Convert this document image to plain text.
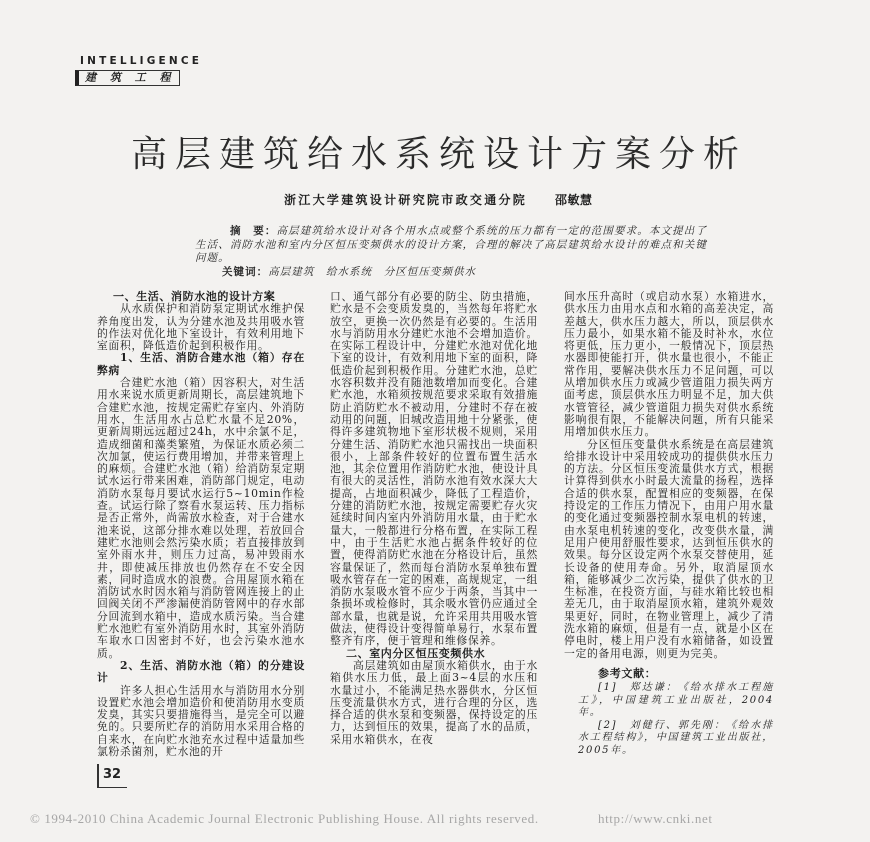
INTELLIGENCE
建 筑 工 程
高层建筑给水系统设计方案分析
浙江大学建筑设计研究院市政交通分院 邵敏慧

摘　要：高层建筑给水设计对各个用水点或整个系统的压力都有一定的范围要求。本文提出了生活、消防水池和室内分区恒压变频供水的设计方案，合理的解决了高层建筑给水设计的难点和关键问题。

关键词：高层建筑　给水系统　分区恒压变频供水

一、生活、消防水池的设计方案

从水质保护和消防泵定期试水维护保养角度出发，认为分建水池及共用吸水管的作法对优化地下室设计，有效利用地下室面积，降低造价起到积极作用。

1、生活、消防合建水池（箱）存在弊病

合建贮水池（箱）因容积大，对生活用水来说水质更新周期长，高层建筑地下合建贮水池，按规定需贮存室内、外消防用水，生活用水占总贮水量不足20%，更新周期远远超过24h，水中余氯不足，造成细菌和藻类繁殖，为保证水质必须二次加氯，使运行费用增加，并带来管理上的麻烦。合建贮水池（箱）给消防泵定期试水运行带来困难，消防部门规定，电动消防水泵每月要试水运行5~10min作检查。试运行除了察看水泵运转、压力指标是否正常外，尚需放水检查，对于合建水池来说，这部分排水难以处理，若放回合建贮水池则会然污染水质；若直接排放到室外雨水井，则压力过高，易冲毁雨水井，即使减压排放也仍然存在不安全因素，同时造成水的浪费。合用屋顶水箱在消防试水时因水箱与消防管网连接上的止回阀关闭不严渗漏使消防管网中的存水部分回流到水箱中，造成水质污染。当合建贮水池贮有室外消防用水时，其室外消防车取水口因密封不好，也会污染水池水质。

2、生活、消防水池（箱）的分建设计

许多人担心生活用水与消防用水分别设置贮水池会增加造价和使消防用水变质发臭，其实只要措施得当，是完全可以避免的。只要所贮存的消防用水采用合格的自来水，在向贮水池充水过程中适量加些氯粉杀菌剂，贮水池的开

口、通气部分有必要的防尘、防虫措施，贮水是不会变质发臭的，当然每年将贮水放空，更换一次仍然是有必要的。生活用水与消防用水分建贮水池不会增加造价。在实际工程设计中，分建贮水池对优化地下室的设计，有效利用地下室的面积，降低造价起到积极作用。分建贮水池，总贮水容积数并没有随池数增加而变化。合建贮水池，水箱须按规范要求采取有效措施防止消防贮水不被动用，分建时不存在被动用的问题，旧城改造用地十分紧张，使得许多建筑物地下室形状极不规则，采用分建生活、消防贮水池只需找出一块面积很小，上部条件较好的位置布置生活水池，其余位置用作消防贮水池，使设计具有很大的灵活性，消防水池有效水深大大提高，占地面积减少，降低了工程造价，分建的消防贮水池，按规定需要贮存火灾延续时间内室内外消防用水量，由于贮水量大，一般都进行分格布置，在实际工程中，由于生活贮水池占据条件较好的位置，使得消防贮水池在分格设计后，虽然容量保证了，然而每台消防水泵单独布置吸水管存在一定的困难，高规规定，一组消防水泵吸水管不应少于两条，当其中一条损坏或检修时，其余吸水管仍应通过全部水量，也就是说，允许采用共用吸水管做法，使得设计变得简单易行，水泵布置整齐有序，便于管理和维修保养。

二、室内分区恒压变频供水

高层建筑如由屋顶水箱供水，由于水箱供水压力低，最上面3~4层的水压和水量过小，不能满足热水器供水，分区恒压变流量供水方式，进行合理的分区，选择合适的供水泵和变频器，保持设定的压力，达到恒压的效果，提高了水的品质，采用水箱供水，在夜

间水压升高时（或启动水泵）水箱进水，供水压力由用水点和水箱的高差决定，高差越大，供水压力越大，所以，顶层供水压力最小，如果水箱不能及时补水，水位将更低，压力更小，一般情况下，顶层热水器即使能打开，供水量也很小，不能正常作用，要解决供水压力不足问题，可以从增加供水压力或减少管道阻力损失两方面考虑，顶层供水压力明显不足，加大供水管管径，减少管道阻力损失对供水系统影响很有限，不能解决问题，所有只能采用增加供水压力。

分区恒压变量供水系统是在高层建筑给排水设计中采用较成功的提供供水压力的方法。分区恒压变流量供水方式，根据计算得到供水小时最大流量的扬程，选择合适的供水泵，配置相应的变频器，在保持设定的工作压力情况下，由用户用水量的变化通过变频器控制水泵电机的转速，由水泵电机转速的变化，改变供水量，满足用户使用舒服性要求，达到恒压供水的效果。每分区设定两个水泵交替使用，延长设备的使用寿命。另外，取消屋顶水箱，能够减少二次污染，提供了供水的卫生标准，在投资方面，与硅水箱比较也相差无几，由于取消屋顶水箱，建筑外观效果更好，同时，在物业管理上，减少了清洗水箱的麻烦，但是有一点，就是小区在停电时，楼上用户没有水箱储备，如设置一定的备用电源，则更为完美。

参考文献：

[1]　郑达谦：《给水排水工程施工》，中国建筑工业出版社，2004年。

[2]　刘健行、郭先刚：《给水排水工程结构》，中国建筑工业出版社，2005年。

32
© 1994-2010 China Academic Journal Electronic Publishing House. All rights reserved.	http://www.cnki.net
